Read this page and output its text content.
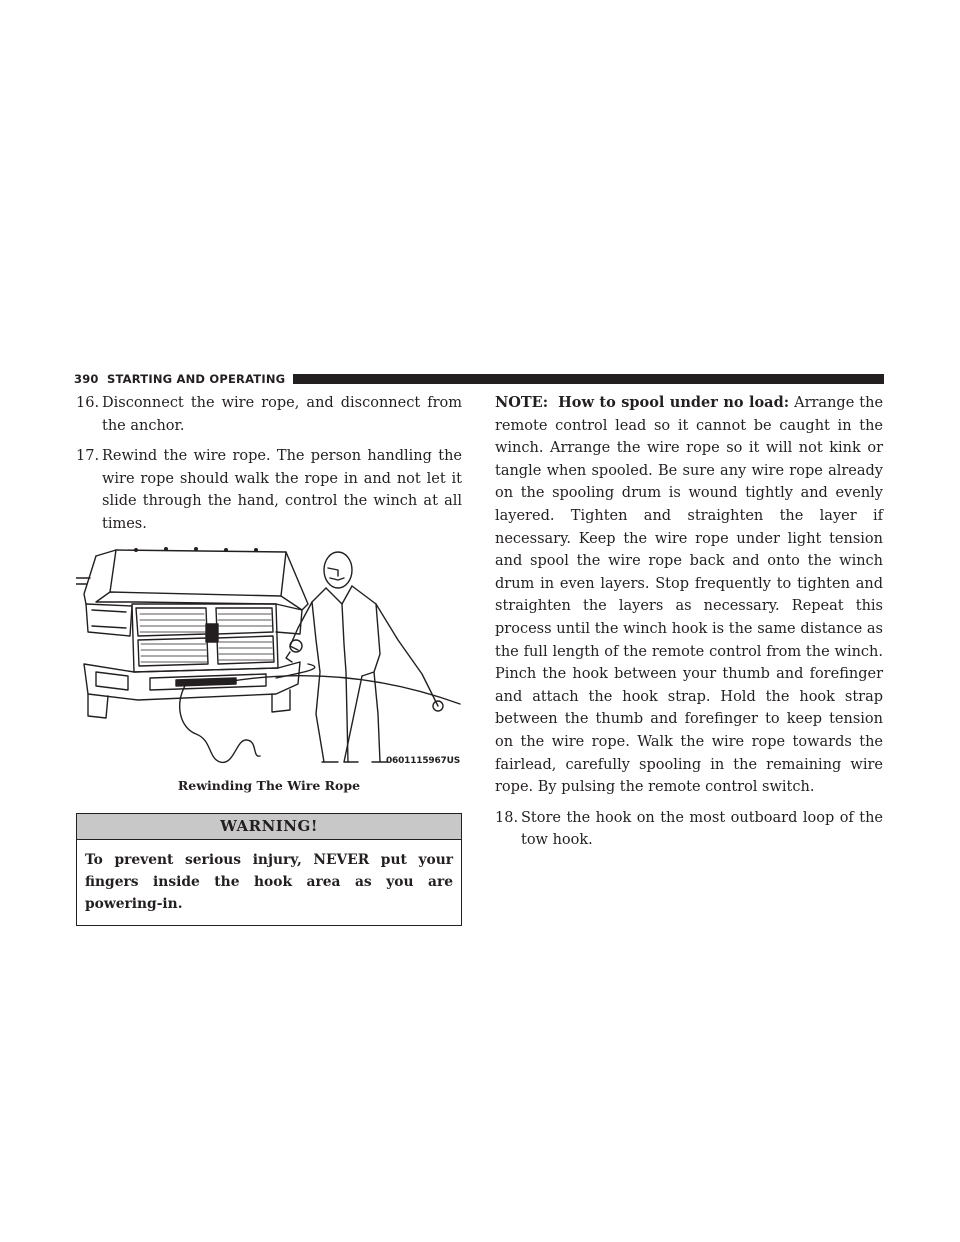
390 STARTING AND OPERATING
16. Disconnect the wire rope, and disconnect from the anchor.
17. Rewind the wire rope. The person handling the wire rope should walk the rope in and not let it slide through the hand, control the winch at all times.
0601115967US
Rewinding The Wire Rope
WARNING!
To prevent serious injury, NEVER put your fingers inside the hook area as you are powering-in.
NOTE: How to spool under no load: Arrange the remote control lead so it cannot be caught in the winch. Arrange the wire rope so it will not kink or tangle when spooled. Be sure any wire rope already on the spooling drum is wound tightly and evenly layered. Tighten and straighten the layer if necessary. Keep the wire rope under light tension and spool the wire rope back and onto the winch drum in even layers. Stop frequently to tighten and straighten the layers as necessary. Repeat this process until the winch hook is the same distance as the full length of the remote control from the winch. Pinch the hook between your thumb and forefinger and attach the hook strap. Hold the hook strap between the thumb and forefinger to keep tension on the wire rope. Walk the wire rope towards the fairlead, carefully spooling in the remaining wire rope. By pulsing the remote control switch.
18. Store the hook on the most outboard loop of the tow hook.
